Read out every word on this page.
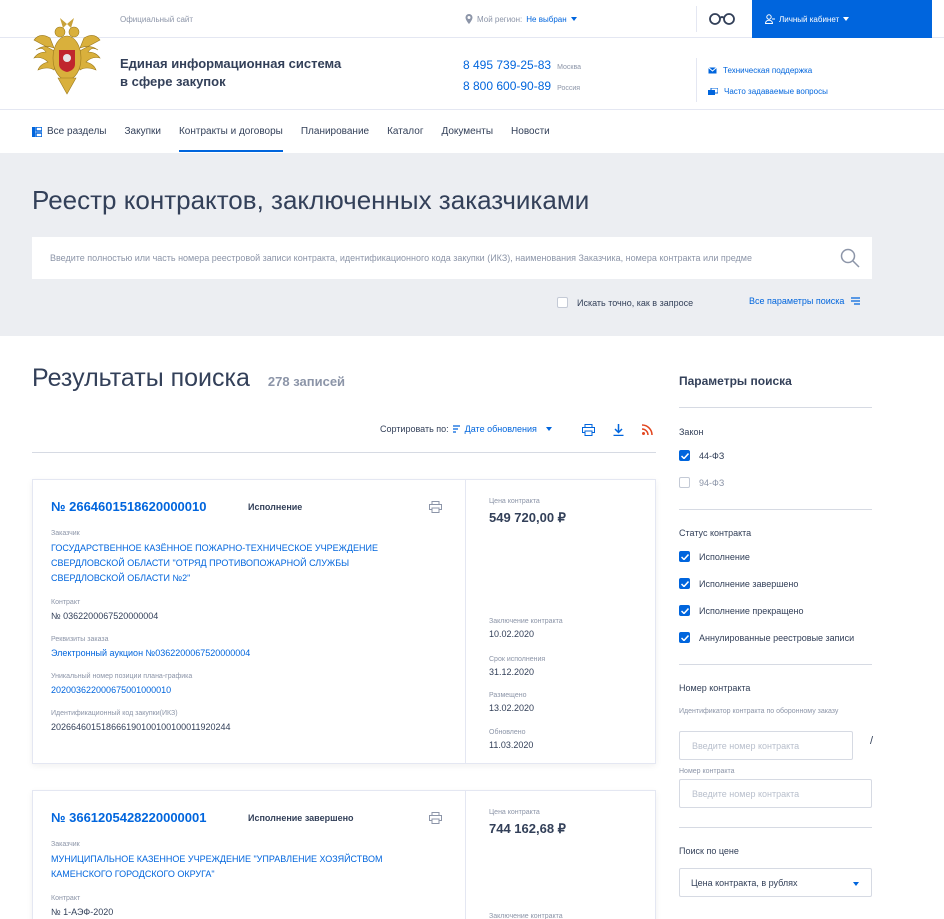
Официальный сайт	Мой регион: Не выбран	Личный кабинет
Единая информационная система
в сфере закупок
8 495 739-25-83 Москва
8 800 600-90-89 Россия
Техническая поддержка
Часто задаваемые вопросы
Все разделы Закупки Контракты и договоры Планирование Каталог Документы Новости
Реестр контрактов, заключенных заказчиками
Введите полностью или часть номера реестровой записи контракта, идентификационного кода закупки (ИКЗ), наименования Заказчика, номера контракта или предме
Искать точно, как в запросе	Все параметры поиска
Результаты поиска 278 записей
Сортировать по: Дате обновления
№ 2664601518620000010	Исполнение
Заказчик
ГОСУДАРСТВЕННОЕ КАЗЁННОЕ ПОЖАРНО-ТЕХНИЧЕСКОЕ УЧРЕЖДЕНИЕ
СВЕРДЛОВСКОЙ ОБЛАСТИ "ОТРЯД ПРОТИВОПОЖАРНОЙ СЛУЖБЫ
СВЕРДЛОВСКОЙ ОБЛАСТИ №2"
Контракт
№ 0362200067520000004
Реквизиты заказа
Электронный аукцион №0362200067520000004
Уникальный номер позиции плана-графика
202003622000675001000010
Идентификационный код закупки(ИКЗ)
202664601518666190100100100011920244
Цена контракта
549 720,00 ₽
Заключение контракта
10.02.2020
Срок исполнения
31.12.2020
Размещено
13.02.2020
Обновлено
11.03.2020
№ 3661205428220000001	Исполнение завершено
Заказчик
МУНИЦИПАЛЬНОЕ КАЗЕННОЕ УЧРЕЖДЕНИЕ "УПРАВЛЕНИЕ ХОЗЯЙСТВОМ
КАМЕНСКОГО ГОРОДСКОГО ОКРУГА"
Контракт
№ 1-АЭФ-2020
Цена контракта
744 162,68 ₽
Заключение контракта
Параметры поиска
Закон
44-ФЗ
94-ФЗ
Статус контракта
Исполнение
Исполнение завершено
Исполнение прекращено
Аннулированные реестровые записи
Номер контракта
Идентификатор контракта по оборонному заказу
Введите номер контракта	/
Номер контракта
Введите номер контракта
Поиск по цене
Цена контракта, в рублях
